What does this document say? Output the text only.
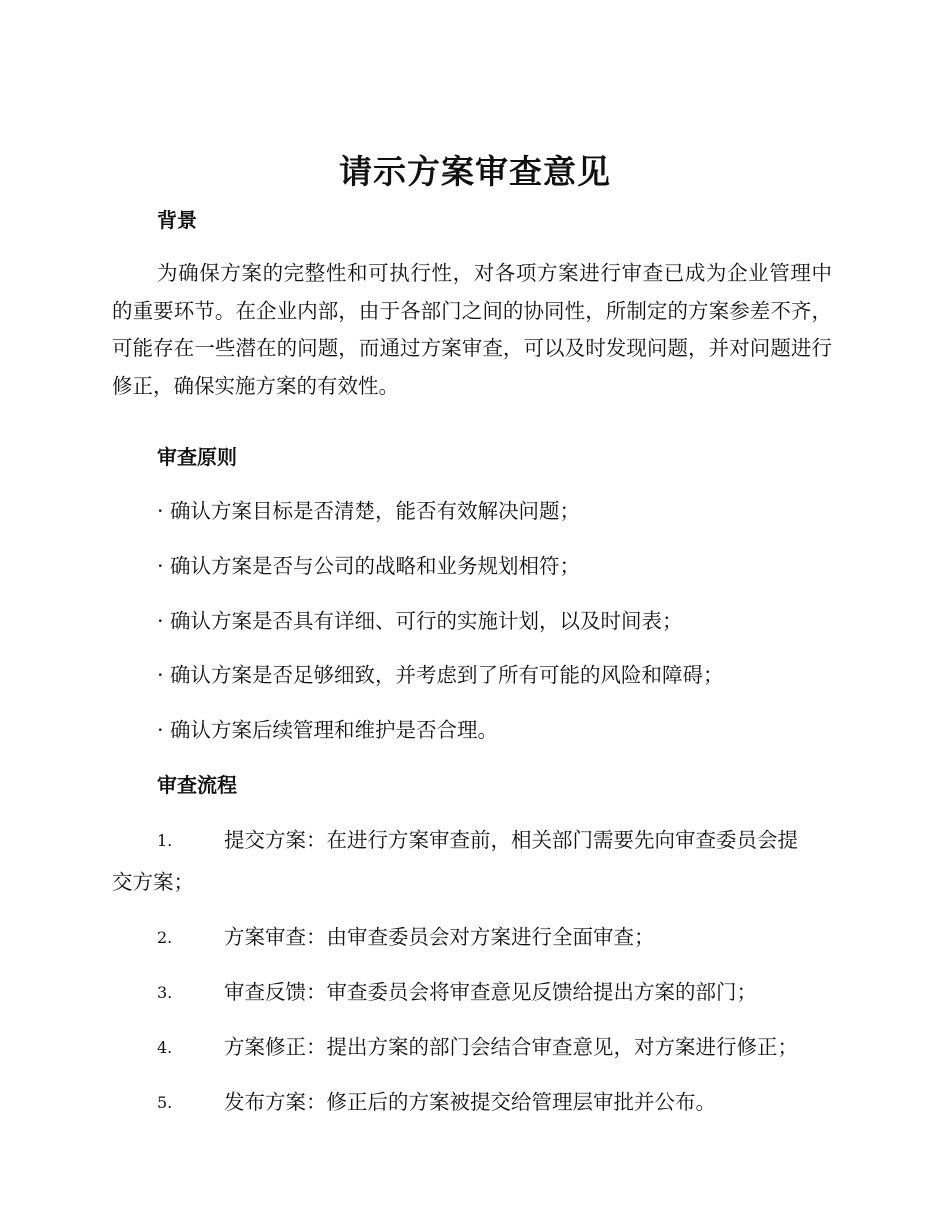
请示方案审查意见
背景
为确保方案的完整性和可执行性，对各项方案进行审查已成为企业管理中的重要环节。在企业内部，由于各部门之间的协同性，所制定的方案参差不齐，可能存在一些潜在的问题，而通过方案审查，可以及时发现问题，并对问题进行修正，确保实施方案的有效性。
审查原则
· 确认方案目标是否清楚，能否有效解决问题；
· 确认方案是否与公司的战略和业务规划相符；
· 确认方案是否具有详细、可行的实施计划，以及时间表；
· 确认方案是否足够细致，并考虑到了所有可能的风险和障碍；
· 确认方案后续管理和维护是否合理。
审查流程
1.	提交方案：在进行方案审查前，相关部门需要先向审查委员会提
交方案；
2.	方案审查：由审查委员会对方案进行全面审查；
3.	审查反馈：审查委员会将审查意见反馈给提出方案的部门；
4.	方案修正：提出方案的部门会结合审查意见，对方案进行修正；
5.	发布方案：修正后的方案被提交给管理层审批并公布。
